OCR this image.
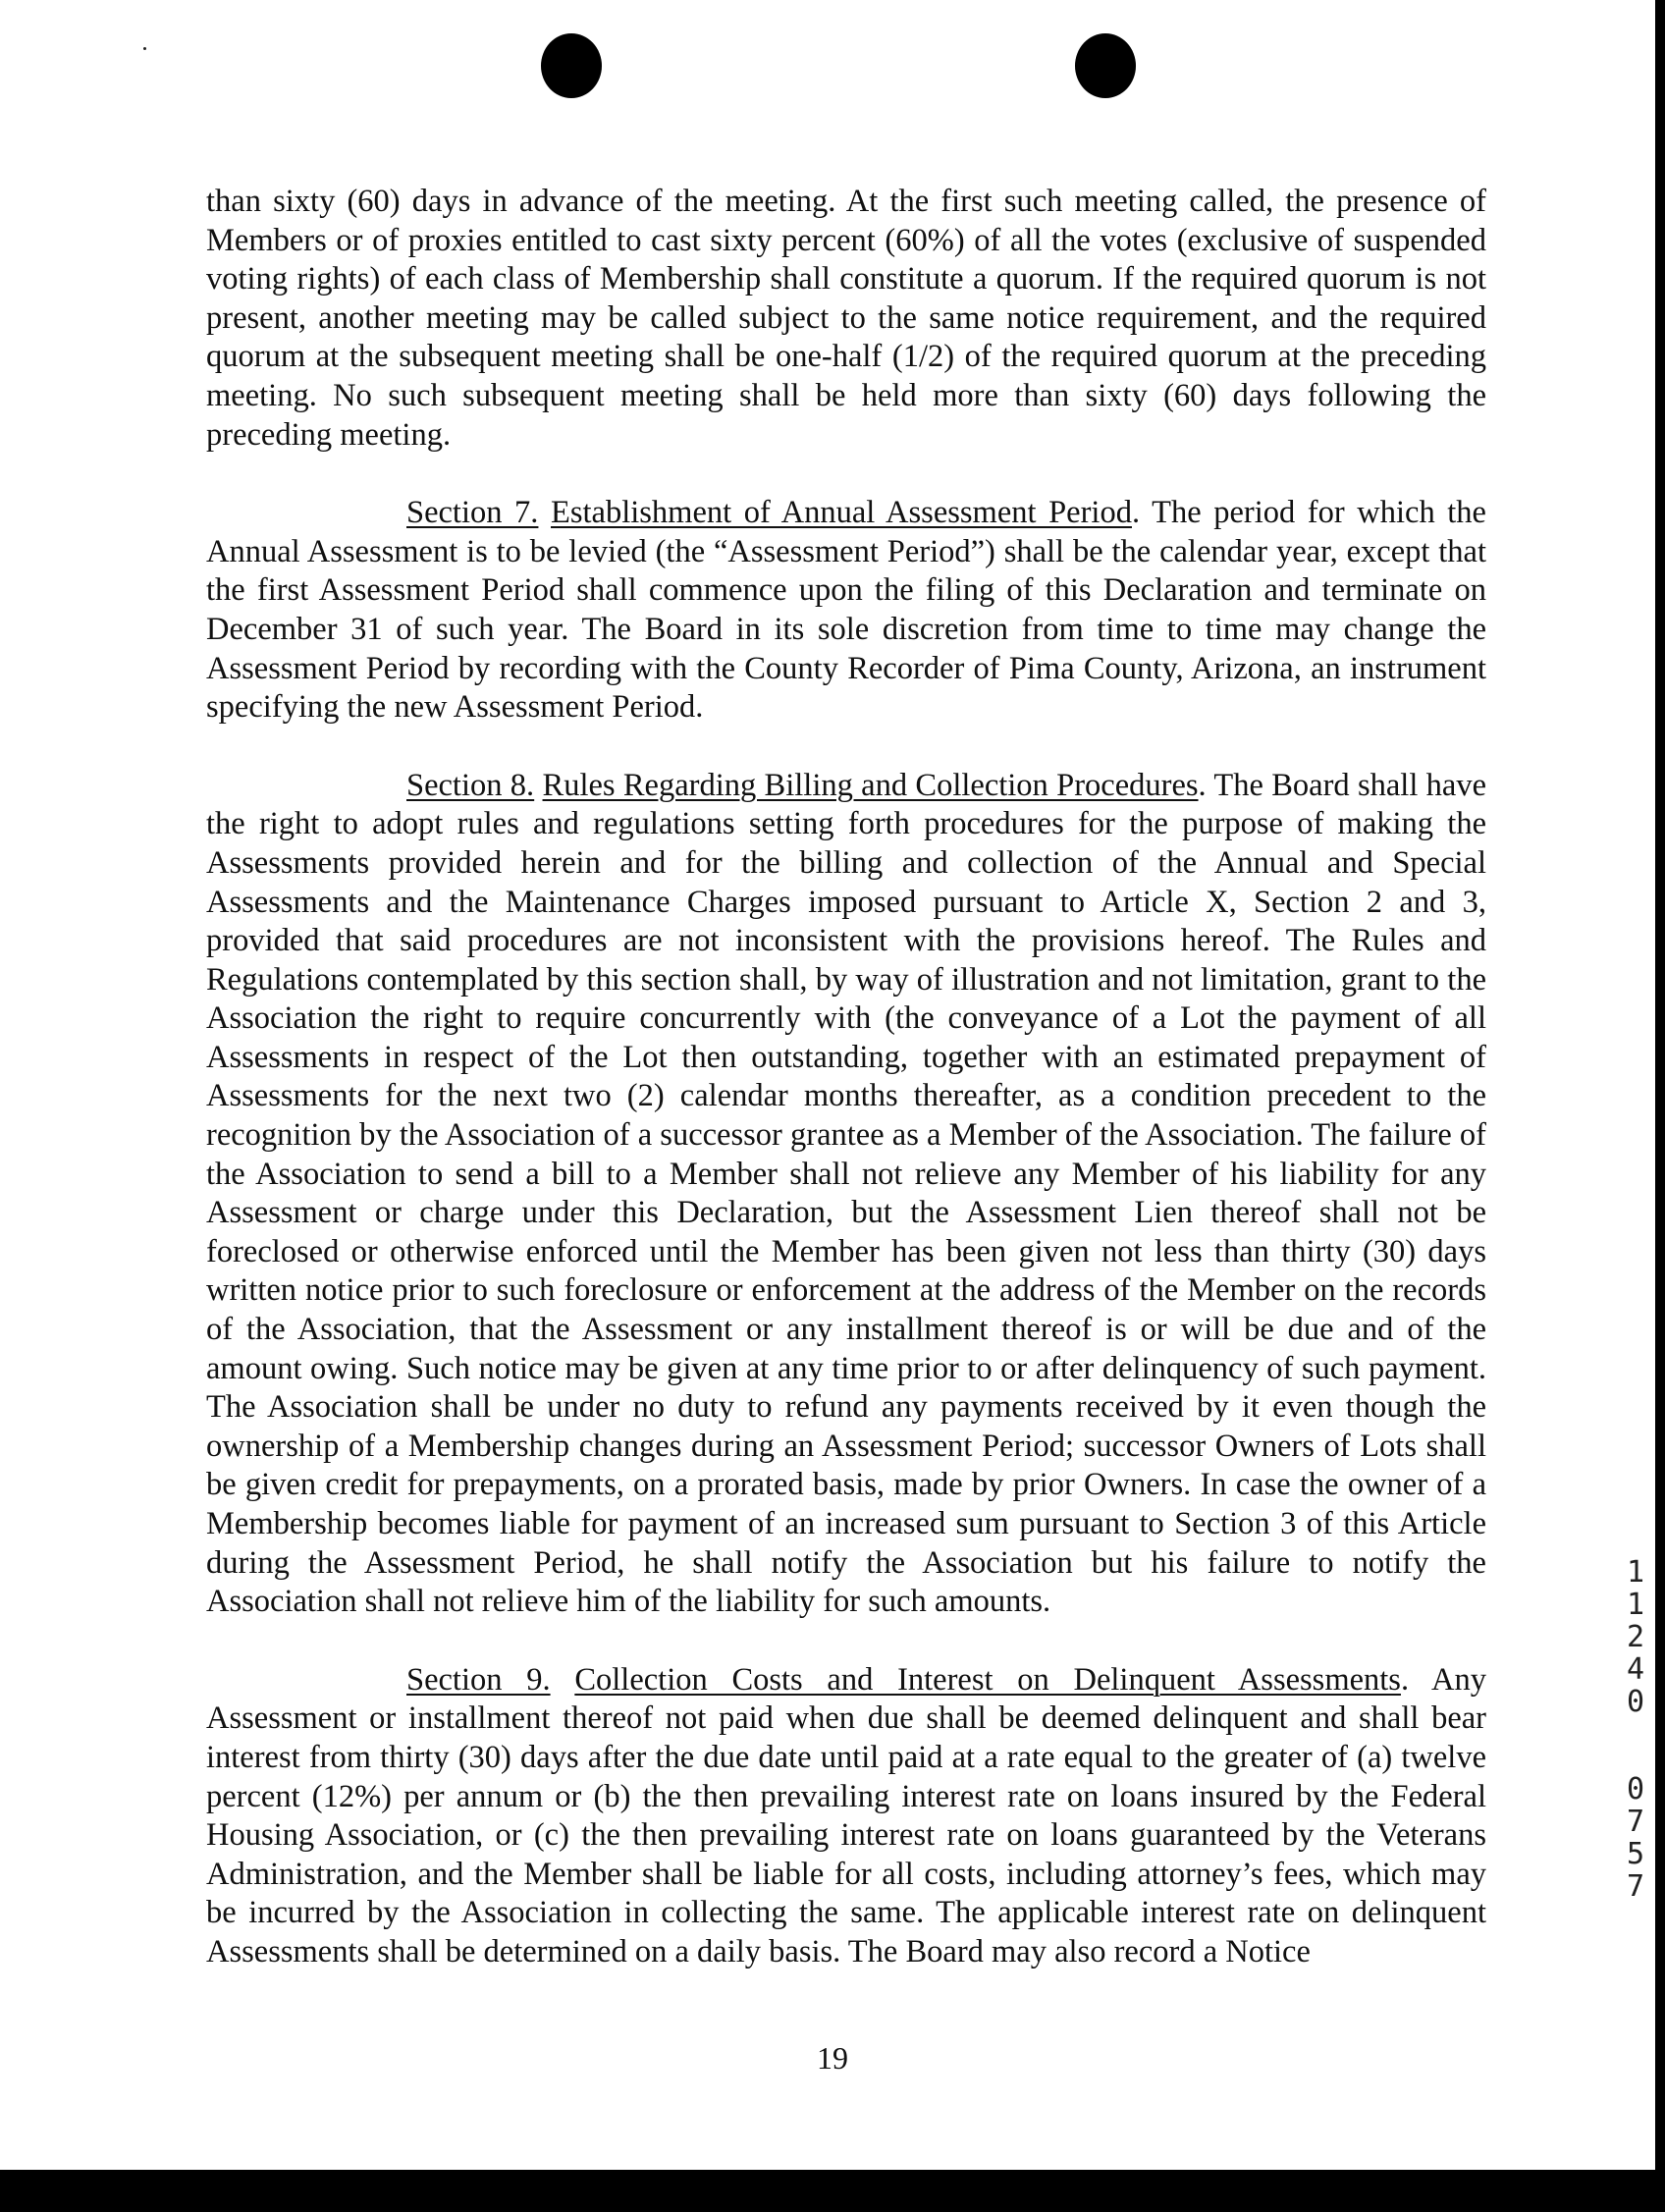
than sixty (60) days in advance of the meeting. At the first such meeting called, the presence of Members or of proxies entitled to cast sixty percent (60%) of all the votes (exclusive of suspended voting rights) of each class of Membership shall constitute a quorum. If the required quorum is not present, another meeting may be called subject to the same notice requirement, and the required quorum at the subsequent meeting shall be one-half (1/2) of the required quorum at the preceding meeting. No such subsequent meeting shall be held more than sixty (60) days following the preceding meeting.

Section 7. Establishment of Annual Assessment Period. The period for which the Annual Assessment is to be levied (the “Assessment Period”) shall be the calendar year, except that the first Assessment Period shall commence upon the filing of this Declaration and terminate on December 31 of such year. The Board in its sole discretion from time to time may change the Assessment Period by recording with the County Recorder of Pima County, Arizona, an instrument specifying the new Assessment Period.

Section 8. Rules Regarding Billing and Collection Procedures. The Board shall have the right to adopt rules and regulations setting forth procedures for the purpose of making the Assessments provided herein and for the billing and collection of the Annual and Special Assessments and the Maintenance Charges imposed pursuant to Article X, Section 2 and 3, provided that said procedures are not inconsistent with the provisions hereof. The Rules and Regulations contemplated by this section shall, by way of illustration and not limitation, grant to the Association the right to require concurrently with (the conveyance of a Lot the payment of all Assessments in respect of the Lot then outstanding, together with an estimated prepayment of Assessments for the next two (2) calendar months thereafter, as a condition precedent to the recognition by the Association of a successor grantee as a Member of the Association. The failure of the Association to send a bill to a Member shall not relieve any Member of his liability for any Assessment or charge under this Declaration, but the Assessment Lien thereof shall not be foreclosed or otherwise enforced until the Member has been given not less than thirty (30) days written notice prior to such foreclosure or enforcement at the address of the Member on the records of the Association, that the Assessment or any installment thereof is or will be due and of the amount owing. Such notice may be given at any time prior to or after delinquency of such payment. The Association shall be under no duty to refund any payments received by it even though the ownership of a Membership changes during an Assessment Period; successor Owners of Lots shall be given credit for prepayments, on a prorated basis, made by prior Owners. In case the owner of a Membership becomes liable for payment of an increased sum pursuant to Section 3 of this Article during the Assessment Period, he shall notify the Association but his failure to notify the Association shall not relieve him of the liability for such amounts.

Section 9. Collection Costs and Interest on Delinquent Assessments. Any Assessment or installment thereof not paid when due shall be deemed delinquent and shall bear interest from thirty (30) days after the due date until paid at a rate equal to the greater of (a) twelve percent (12%) per annum or (b) the then prevailing interest rate on loans insured by the Federal Housing Association, or (c) the then prevailing interest rate on loans guaranteed by the Veterans Administration, and the Member shall be liable for all costs, including attorney’s fees, which may be incurred by the Association in collecting the same. The applicable interest rate on delinquent Assessments shall be determined on a daily basis. The Board may also record a Notice

19
1
1
2
4
0
0
7
5
7
